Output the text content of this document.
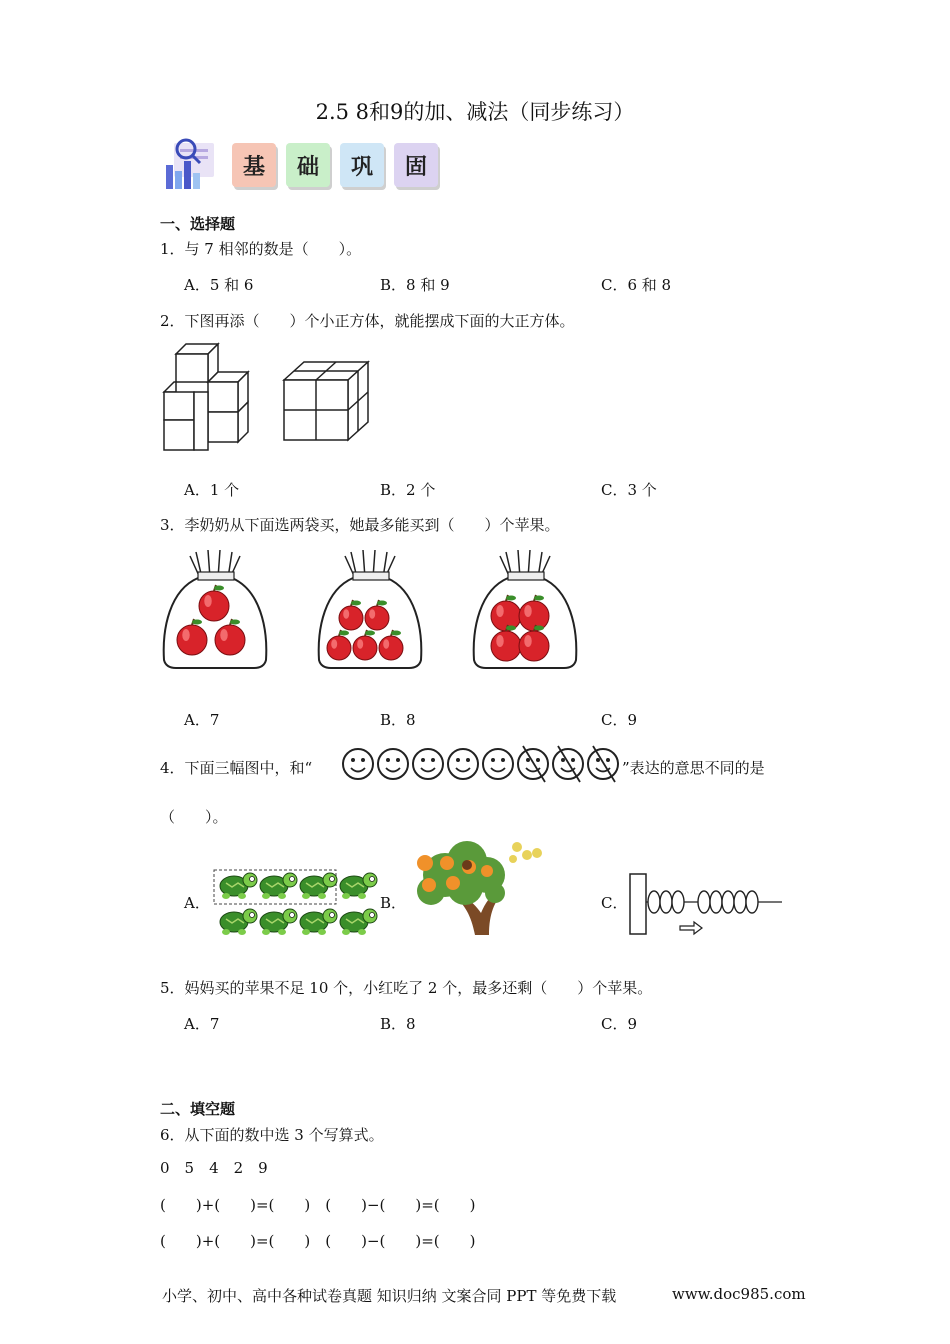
2.5 8和9的加、减法（同步练习）
基	础	巩	固
一、选择题
1．与 7 相邻的数是（　　）。
A．5 和 6	B．8 和 9	C．6 和 8
2．下图再添（　　）个小正方体，就能摆成下面的大正方体。
A．1 个	B．2 个	C．3 个
3．李奶奶从下面选两袋买，她最多能买到（　　）个苹果。
A．7	B．8	C．9
4．下面三幅图中，和“	”表达的意思不同的是
（　　）。
A．	B．	C．
5．妈妈买的苹果不足 10 个，小红吃了 2 个，最多还剩（　　）个苹果。
A．7	B．8	C．9
二、填空题
6．从下面的数中选 3 个写算式。
0　5　4　2　9
(　　)+(　　)=(　　)　(　　)−(　　)=(　　)
(　　)+(　　)=(　　)　(　　)−(　　)=(　　)
小学、初中、高中各种试卷真题 知识归纳 文案合同 PPT 等免费下载	www.doc985.com
